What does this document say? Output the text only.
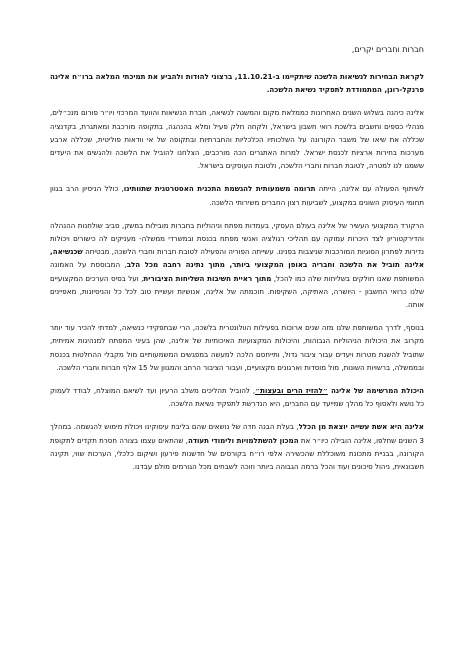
חברות וחברים יקרים,

לקראת הבחירות לנשיאות הלשכה שיתקיימו ב-11.10.21, ברצוני להודות ולהביע את תמיכתי המלאה ברו״ח אלינה פרנקל-רונן, המתמודדת לתפקיד נשיאת הלשכה.

אלינה כיהנה בשלוש השנים האחרונות כממלאת מקום והמשנה לנשיאה, חברת הנשיאות והוועד המרכזי ויו״ר פורום מנכ״לים, מנהלי כספים וחשבים בלשכת רואי חשבון בישראל, ולקחה חלק פעיל ומלא בהנהגה, בתקופה מורכבת ומאתגרת, בקדנציה שכללה את שיאו של משבר הקורונה על השלכותיו הכלכליות והחברתיות ובתקופה של אי וודאות פוליטית, שכללה ארבע מערכות בחירות ארציות לכנסת ישראל. למרות האתגרים הכה מורכבים, הצלחנו להוביל את הלשכה ולהגשים את היעדים ששמנו לנו למטרה, לטובת חברות וחברי הלשכה, ולטובת העוסקים בישראל.

לשיתוף הפעולה עם אלינה, הייתה תרומה משמעותית להגשמת התכנית האסטרטגית שתוותינו, כולל הניסיון הרב בגוון תחומי העיסוק השונים במקצוע, לשביעות רצון החברים משירותי הלשכה.

הרקורד המקצועי העשיר של אלינה בעולם העסקי, בעמדות מפתח וניהוליות בחברות מובילות במשק, סביב שולחנות ההנהלה והדירקטוריון לצד היכרות עמוקה עם תהליכי רגולציה ואנשי מפתח בכנסת ובמשרדי ממשלה- מעניקים לה כישורים ויכולות נדירות לפתרון הסוגיות המורכבות שניצבות בפנינו. עשייתה הפוריה והפעילה לטובת חברות וחברי הלשכה, מבטיחה שכנשיאה, אלינה תוביל את הלשכה וחבריה באופן המקצועי ביותר, מתוך נתינה רחבה מכל הלב, המבוססת על האמונה המשותפת שאנו חולקים בשליחות שלה כמו להכל, מתוך ראיית חשיבות השליחות הציבורית, ועל בסיס הערכים המקצועיים שלנו כרואי החשבון - היושרה, האתיקה, השקיפות. חוכמתה של אלינה, אנושיות ועשיית טוב לכל כל והניסיונות, מאפיינים אותה.

בנוסף, לדרך המשותפת שלנו מזה שנים ארוכות בפעילות הוולונטרית בלשכה, הרי שבתפקידי כנשיאה, למדתי להכיר עוד יותר מקרוב את היכולות הניהוליות הגבוהות, והיכולות המקצועיות האיכותיות של אלינה, שהן בעיני המפתח למנהיגות אמיתית, שתוביל להשגת מטרות ויעדים עבור ציבור גדול, ותייחסם הלכה למעשה במפגשים המשמעותיים מול מקבלי ההחלטות בכנסת ובממשלה, ברשויות השונות, מול מוסדות וארגונים מקצועיים, ועבור הציבור הרחב והמגוון של 15 אלף חברות וחברי הלשכה.

היכולת המרשימה של אלינה ״להזיז הרים ובעצות״, להוביל תהליכים משלב הרעיון ועד לשיאם המוצלח, לבודד לעמוק כל נושא ולאסוף כל מהלך שמייעד עם החברים, היא הנדרשת לתפקיד נשיאת הלשכה.

אלינה היא אשת עשייה יוצאת מן הכלל, בעלת הבנה חדה של נושאים שהם בליבת עיסוקינו ויכולת מימוש להגשמה. במהלך 3 השנים שחלפו, אלינה הובילה כיו״ר את המכון להשתלמויות ולימודי תעודה, שהתאים עצמו בצורה חסרת תקדים לתקופת הקורונה, בבניית מתכונת משוכללת שהכשירה אלפי רו״ח בקורסים של חדשנות פירעון ושיקום כלכלי, הערכות שווי, תקינה חשבונאית, ניהול סיכונים ועוד והכל ברמה הגבוהה ביותר וזוכה לשבחים מכל הגורמים מולם עבדנו.
